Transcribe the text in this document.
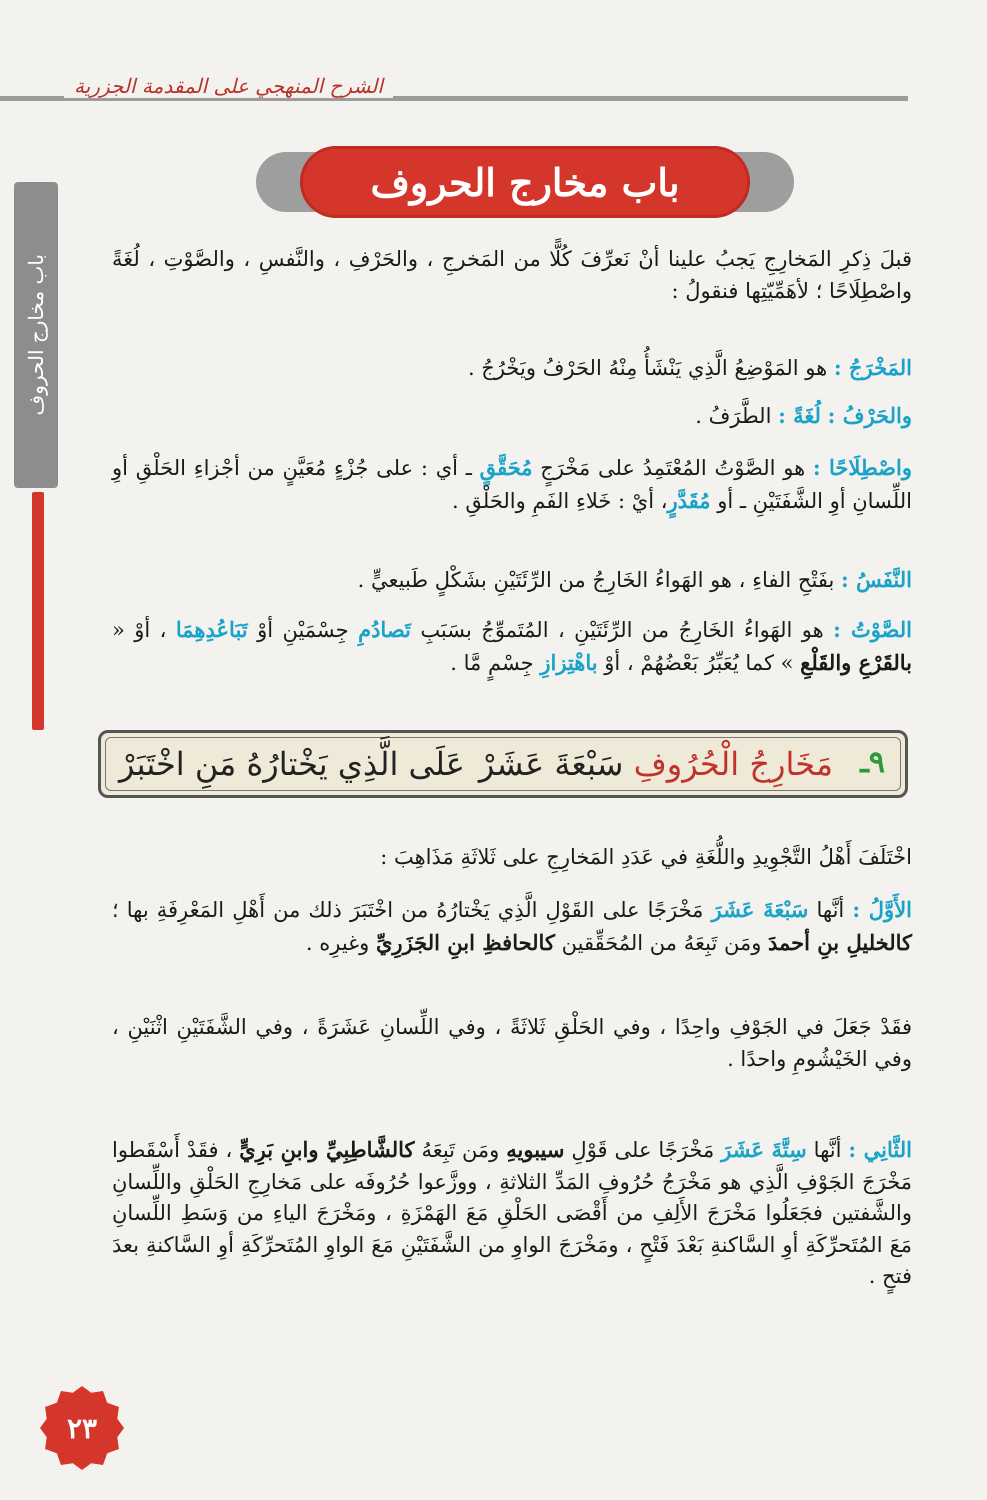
الشرح المنهجي على المقدمة الجزرية
باب مخارج الحروف
باب مخارج الحروف
قبلَ ذِكرِ المَخارِجِ يَجبُ علينا أنْ نَعرِّفَ كُلًّا من المَخرجِ ، والحَرْفِ ، والنَّفسِ ، والصَّوْتِ ، لُغَةً واصْطِلَاحًا ؛ لأهَمِّيّتِها فنقولُ :
المَخْرَجُ : هو المَوْضِعُ الَّذِي يَنْشَأُ مِنْهُ الحَرْفُ ويَخْرُجُ .
والحَرْفُ : لُغَةً : الطَّرَفُ .
واصْطِلَاحًا : هو الصَّوْتُ المُعْتَمِدُ على مَخْرَجٍ مُحَقَّقٍ ـ أي : على جُزْءٍ مُعَيَّنٍ من أجْزاءِ الحَلْقِ أوِ اللِّسانِ أوِ الشَّفَتَيْنِ ـ أو مُقَدَّرٍ، أيْ : خَلاءِ الفَمِ والحَلْقِ .
النَّفَسُ : بفَتْحِ الفاءِ ، هو الهَواءُ الخَارِجُ من الرِّئَتَيْنِ بشَكْلٍ طَبيعيٍّ .
الصَّوْتُ : هو الهَواءُ الخَارِجُ من الرِّئَتَيْنِ ، المُتَموِّجُ بسَبَبِ تَصادُمِ جِسْمَيْنِ أوْ تَبَاعُدِهِمَا ، أوْ « بالقَرْعِ والقَلْعِ » كما يُعَبِّرُ بَعْضُهُمْ ، أوْ باهْتِزازِ جِسْمٍ مَّا .
٩ـ
مَخَارِجُ الْحُرُوفِ سَبْعَةَ عَشَرْ
عَلَى الَّذِي يَخْتارُهُ مَنِ اخْتَبَرْ
اخْتَلَفَ أَهْلُ التَّجْوِيدِ واللُّغَةِ في عَدَدِ المَخارِجِ على ثَلاثَةِ مَذَاهِبَ :
الأَوَّلُ : أنَّها سَبْعَةَ عَشَرَ مَخْرَجًا على القَوْلِ الَّذِي يَخْتارُهُ من اخْتَبَرَ ذلك من أَهْلِ المَعْرِفَةِ بها ؛ كالخليلِ بنِ أحمدَ ومَن تَبِعَهُ من المُحَقِّقين كالحافظِ ابنِ الجَزَرِيِّ وغيرِه .
فقَدْ جَعَلَ في الجَوْفِ واحِدًا ، وفي الحَلْقِ ثَلاثَةً ، وفي اللِّسانِ عَشَرَةً ، وفي الشَّفَتَيْنِ اثْنَيْنِ ، وفي الخَيْشُومِ واحدًا .
الثَّانِي : أنَّها سِتَّةَ عَشَرَ مَخْرَجًا على قَوْلِ سيبويهِ ومَن تَبِعَهُ كالشَّاطِبِيِّ وابنِ بَرِيٍّ ، فقَدْ أَسْقَطوا مَخْرَجَ الجَوْفِ الَّذِي هو مَخْرَجُ حُرُوفِ المَدِّ الثلاثةِ ، ووزَّعوا حُرُوفَه على مَخارِجِ الحَلْقِ واللِّسانِ والشَّفتين فجَعَلُوا مَخْرَجَ الأَلِفِ من أَقْصَى الحَلْقِ مَعَ الهَمْزَةِ ، ومَخْرَجَ الياءِ من وَسَطِ اللِّسانِ مَعَ المُتَحرِّكَةِ أوِ السَّاكنةِ بَعْدَ فَتْحٍ ، ومَخْرَجَ الواوِ من الشَّفَتَيْنِ مَعَ الواوِ المُتَحرِّكَةِ أوِ السَّاكنةِ بعدَ فتحٍ .
٢٣
